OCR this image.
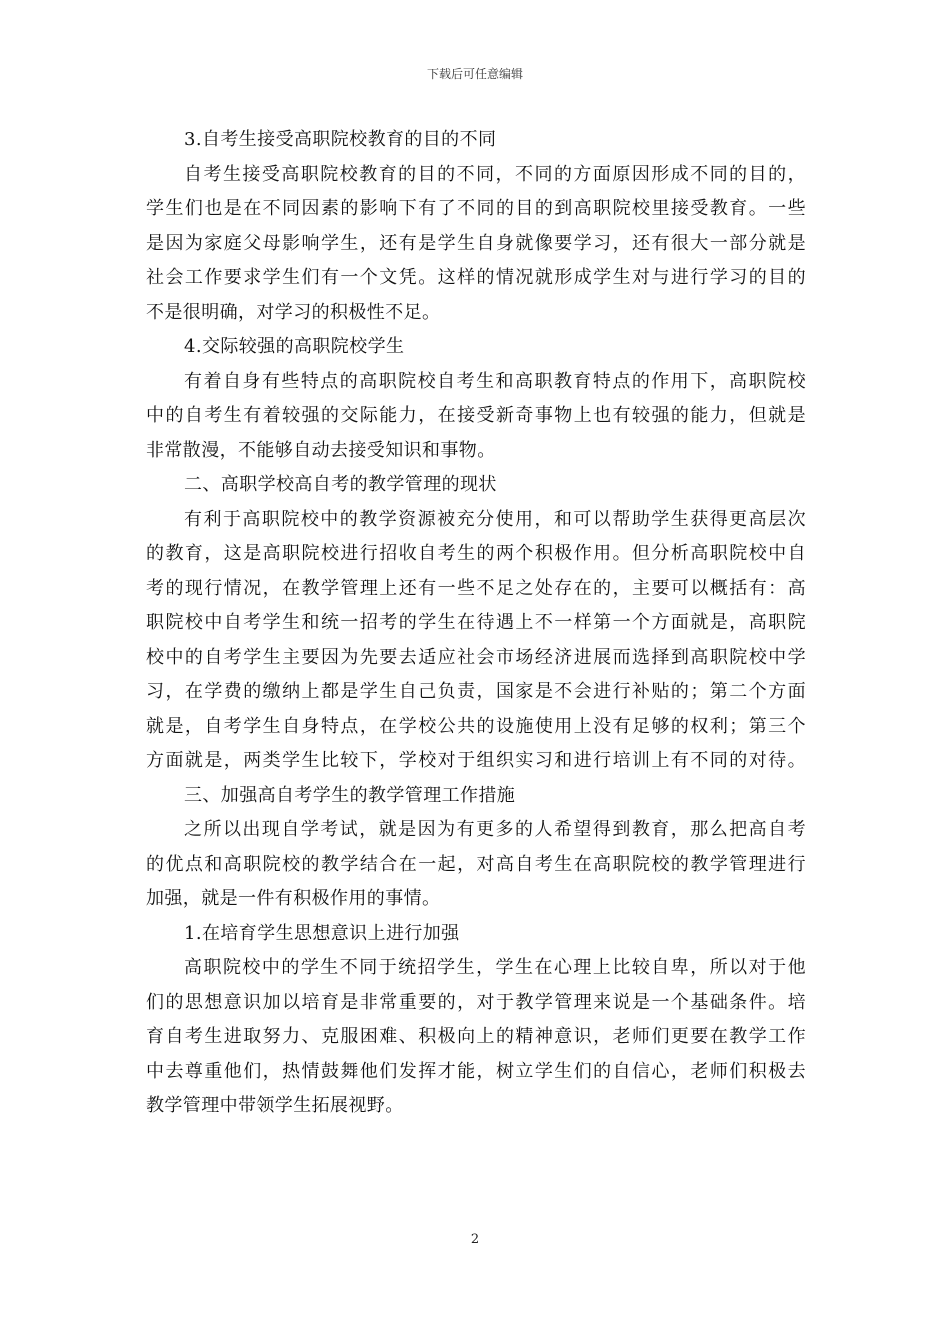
下载后可任意编辑
3.自考生接受高职院校教育的目的不同
自考生接受高职院校教育的目的不同，不同的方面原因形成不同的目的，
学生们也是在不同因素的影响下有了不同的目的到高职院校里接受教育。一些
是因为家庭父母影响学生，还有是学生自身就像要学习，还有很大一部分就是
社会工作要求学生们有一个文凭。这样的情况就形成学生对与进行学习的目的
不是很明确，对学习的积极性不足。
4.交际较强的高职院校学生
有着自身有些特点的高职院校自考生和高职教育特点的作用下，高职院校
中的自考生有着较强的交际能力，在接受新奇事物上也有较强的能力，但就是
非常散漫，不能够自动去接受知识和事物。
二、高职学校高自考的教学管理的现状
有利于高职院校中的教学资源被充分使用，和可以帮助学生获得更高层次
的教育，这是高职院校进行招收自考生的两个积极作用。但分析高职院校中自
考的现行情况，在教学管理上还有一些不足之处存在的，主要可以概括有：高
职院校中自考学生和统一招考的学生在待遇上不一样第一个方面就是，高职院
校中的自考学生主要因为先要去适应社会市场经济进展而选择到高职院校中学
习，在学费的缴纳上都是学生自己负责，国家是不会进行补贴的；第二个方面
就是，自考学生自身特点，在学校公共的设施使用上没有足够的权利；第三个
方面就是，两类学生比较下，学校对于组织实习和进行培训上有不同的对待。
三、加强高自考学生的教学管理工作措施
之所以出现自学考试，就是因为有更多的人希望得到教育，那么把高自考
的优点和高职院校的教学结合在一起，对高自考生在高职院校的教学管理进行
加强，就是一件有积极作用的事情。
1.在培育学生思想意识上进行加强
高职院校中的学生不同于统招学生，学生在心理上比较自卑，所以对于他
们的思想意识加以培育是非常重要的，对于教学管理来说是一个基础条件。培
育自考生进取努力、克服困难、积极向上的精神意识，老师们更要在教学工作
中去尊重他们，热情鼓舞他们发挥才能，树立学生们的自信心，老师们积极去
教学管理中带领学生拓展视野。
2
